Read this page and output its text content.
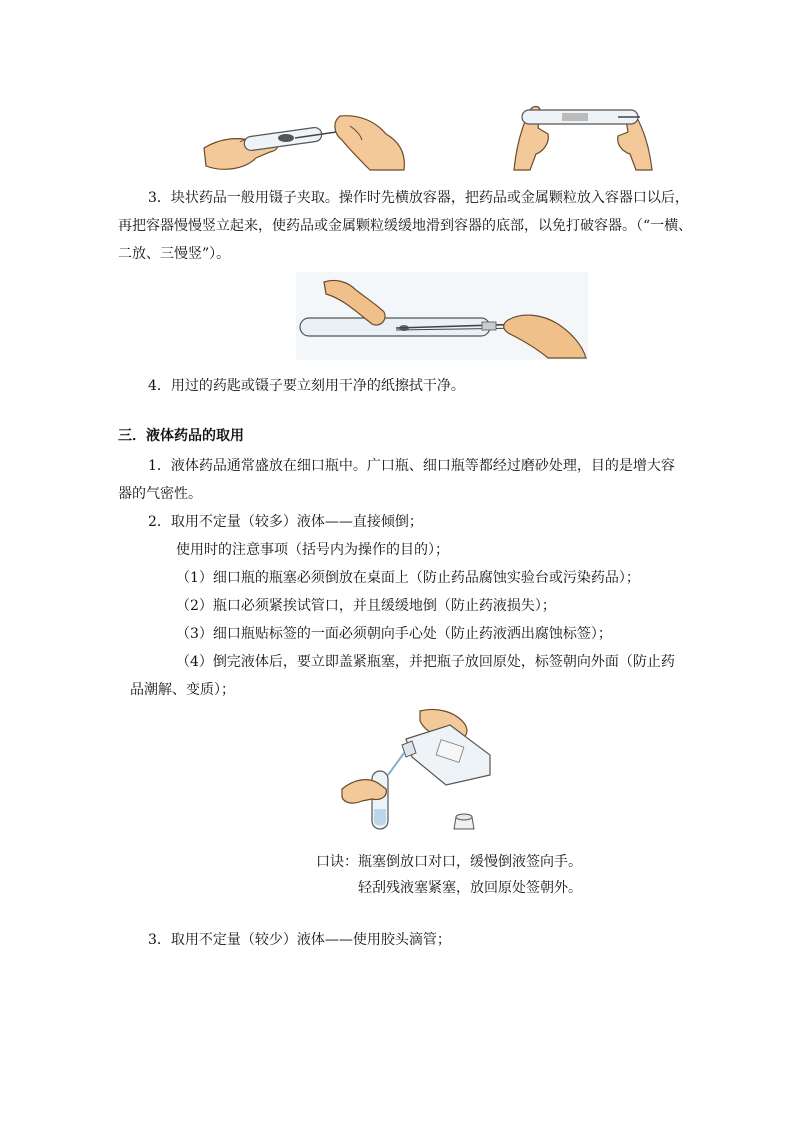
3．块状药品一般用镊子夹取。操作时先横放容器，把药品或金属颗粒放入容器口以后，
再把容器慢慢竖立起来，使药品或金属颗粒缓缓地滑到容器的底部，以免打破容器。（“一横、
二放、三慢竖”）。
4．用过的药匙或镊子要立刻用干净的纸擦拭干净。
三．液体药品的取用
1．液体药品通常盛放在细口瓶中。广口瓶、细口瓶等都经过磨砂处理，目的是增大容
器的气密性。
2．取用不定量（较多）液体——直接倾倒；
使用时的注意事项（括号内为操作的目的）；
（1）细口瓶的瓶塞必须倒放在桌面上（防止药品腐蚀实验台或污染药品）；
（2）瓶口必须紧挨试管口，并且缓缓地倒（防止药液损失）；
（3）细口瓶贴标签的一面必须朝向手心处（防止药液洒出腐蚀标签）；
（4）倒完液体后，要立即盖紧瓶塞，并把瓶子放回原处，标签朝向外面（防止药
品潮解、变质）；
口诀：瓶塞倒放口对口，缓慢倒液签向手。
轻刮残液塞紧塞，放回原处签朝外。
3．取用不定量（较少）液体——使用胶头滴管；
